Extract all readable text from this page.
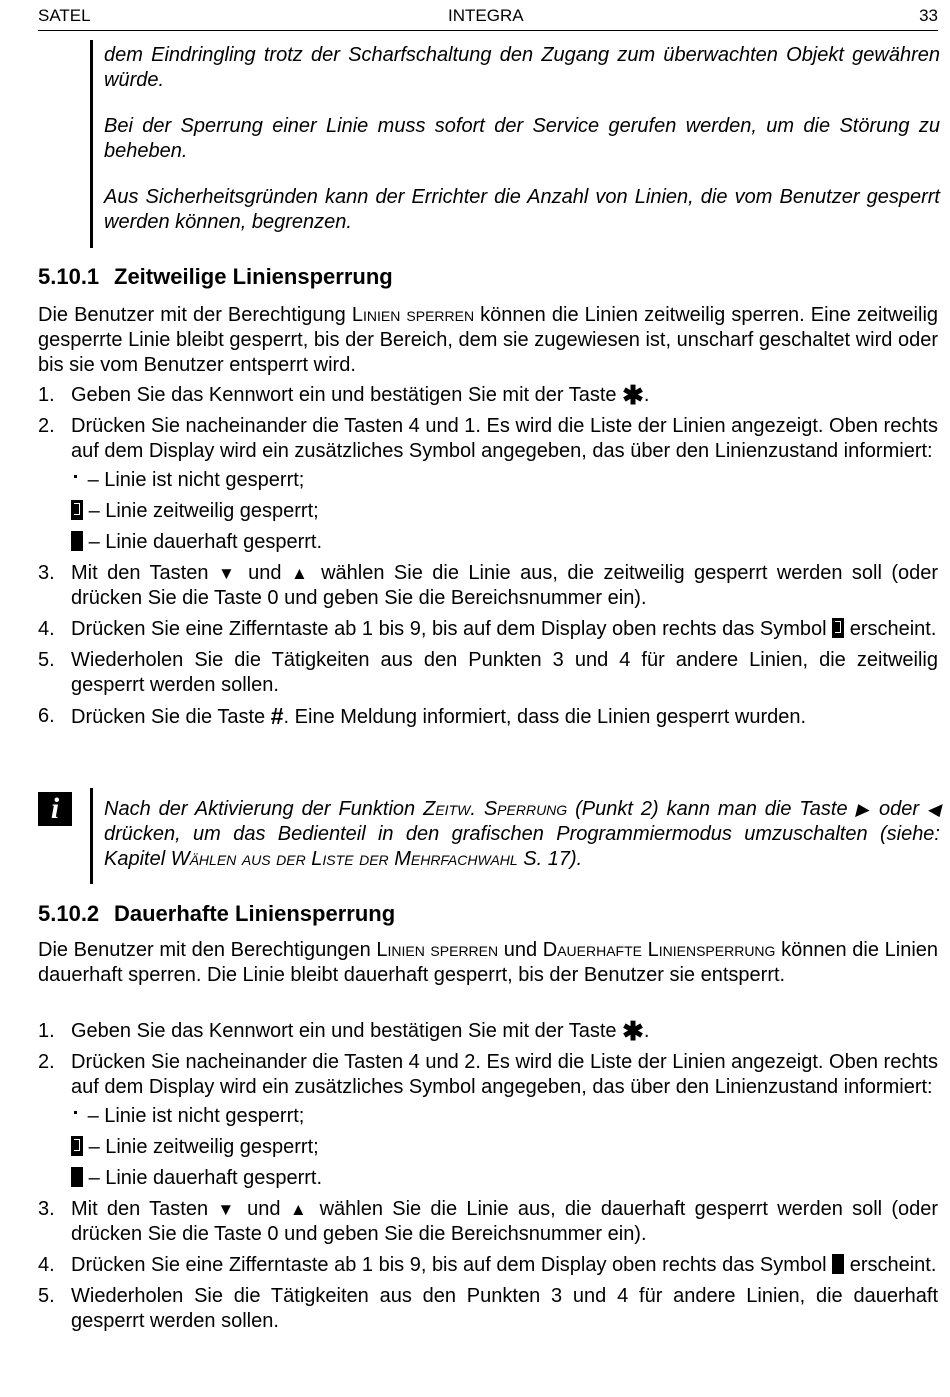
SATEL	INTEGRA	33

dem Eindringling trotz der Scharfschaltung den Zugang zum überwachten Objekt gewähren würde.

Bei der Sperrung einer Linie muss sofort der Service gerufen werden, um die Störung zu beheben.

Aus Sicherheitsgründen kann der Errichter die Anzahl von Linien, die vom Benutzer gesperrt werden können, begrenzen.

5.10.1 Zeitweilige Liniensperrung
Die Benutzer mit der Berechtigung Linien sperren können die Linien zeitweilig sperren. Eine zeitweilig gesperrte Linie bleibt gesperrt, bis der Bereich, dem sie zugewiesen ist, unscharf geschaltet wird oder bis sie vom Benutzer entsperrt wird.
1. Geben Sie das Kennwort ein und bestätigen Sie mit der Taste ✱.
2. Drücken Sie nacheinander die Tasten 4 und 1. Es wird die Liste der Linien angezeigt. Oben rechts auf dem Display wird ein zusätzliches Symbol angegeben, das über den Linienzustand informiert:
– Linie ist nicht gesperrt;
– Linie zeitweilig gesperrt;
– Linie dauerhaft gesperrt.
3. Mit den Tasten ▼ und ▲ wählen Sie die Linie aus, die zeitweilig gesperrt werden soll (oder drücken Sie die Taste 0 und geben Sie die Bereichsnummer ein).
4. Drücken Sie eine Zifferntaste ab 1 bis 9, bis auf dem Display oben rechts das Symbol erscheint.
5. Wiederholen Sie die Tätigkeiten aus den Punkten 3 und 4 für andere Linien, die zeitweilig gesperrt werden sollen.
6. Drücken Sie die Taste #. Eine Meldung informiert, dass die Linien gesperrt wurden.
i	Nach der Aktivierung der Funktion Zeitw. Sperrung (Punkt 2) kann man die Taste ▶ oder ◀ drücken, um das Bedienteil in den grafischen Programmiermodus umzuschalten (siehe: Kapitel Wählen aus der Liste der Mehrfachwahl S. 17).

5.10.2 Dauerhafte Liniensperrung
Die Benutzer mit den Berechtigungen Linien sperren und Dauerhafte Liniensperrung können die Linien dauerhaft sperren. Die Linie bleibt dauerhaft gesperrt, bis der Benutzer sie entsperrt.
1. Geben Sie das Kennwort ein und bestätigen Sie mit der Taste ✱.
2. Drücken Sie nacheinander die Tasten 4 und 2. Es wird die Liste der Linien angezeigt. Oben rechts auf dem Display wird ein zusätzliches Symbol angegeben, das über den Linienzustand informiert:
– Linie ist nicht gesperrt;
– Linie zeitweilig gesperrt;
– Linie dauerhaft gesperrt.
3. Mit den Tasten ▼ und ▲ wählen Sie die Linie aus, die dauerhaft gesperrt werden soll (oder drücken Sie die Taste 0 und geben Sie die Bereichsnummer ein).
4. Drücken Sie eine Zifferntaste ab 1 bis 9, bis auf dem Display oben rechts das Symbol erscheint.
5. Wiederholen Sie die Tätigkeiten aus den Punkten 3 und 4 für andere Linien, die dauerhaft gesperrt werden sollen.
